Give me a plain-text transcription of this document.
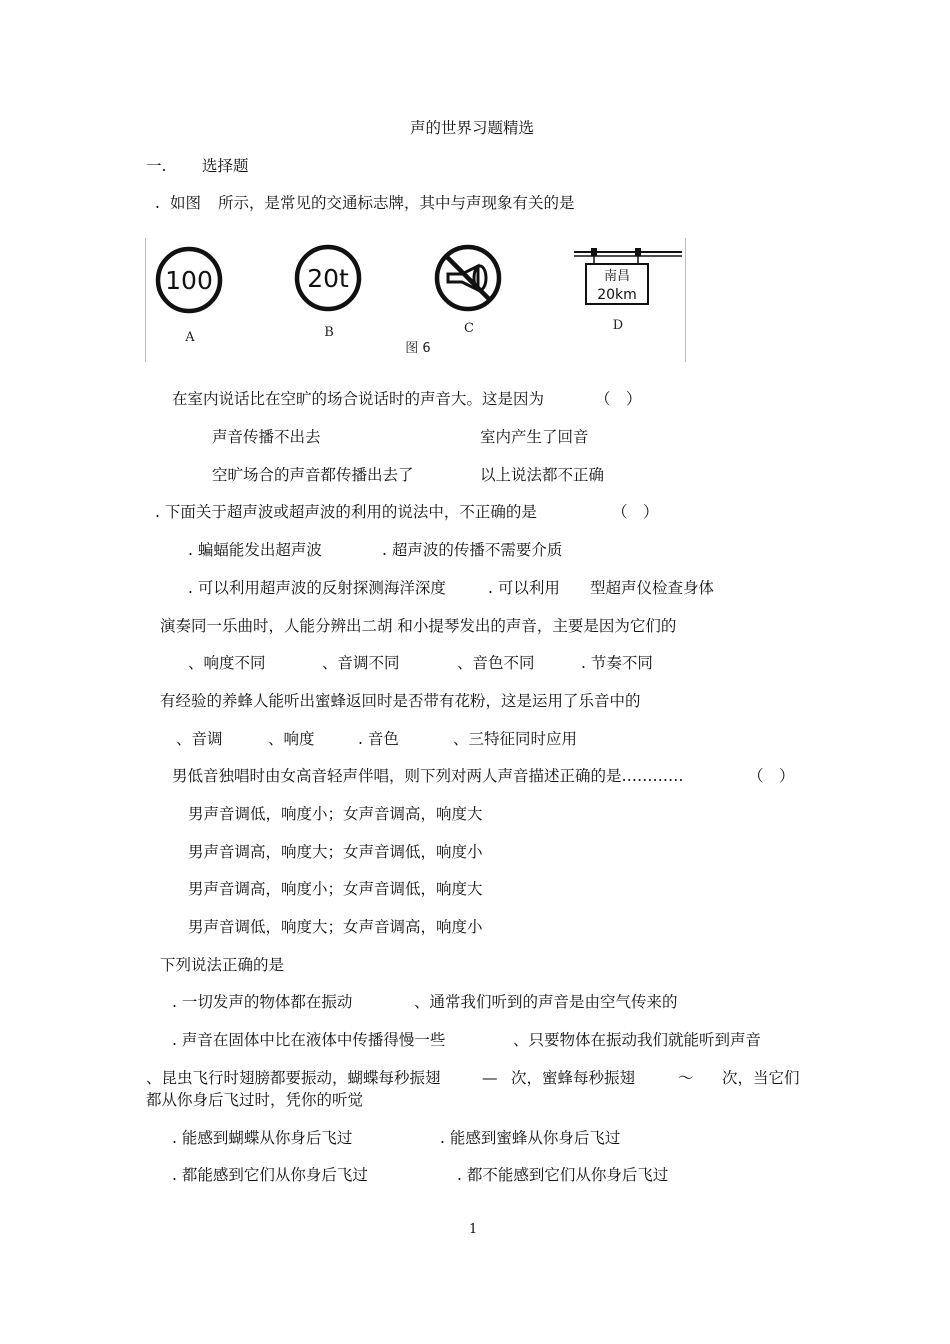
声的世界习题精选
一. 选择题
. 如图 所示，是常见的交通标志牌，其中与声现象有关的是
100	20t	南昌
20km
A	B	C	D
图 6
在室内说话比在空旷的场合说话时的声音大。这是因为	（　）
声音传播不出去	室内产生了回音
空旷场合的声音都传播出去了	以上说法都不正确
. 下面关于超声波或超声波的利用的说法中，不正确的是	（　）
. 蝙蝠能发出超声波	. 超声波的传播不需要介质
. 可以利用超声波的反射探测海洋深度	. 可以利用 型超声仪检查身体
演奏同一乐曲时，人能分辨出二胡 和小提琴发出的声音，主要是因为它们的
、响度不同	、音调不同	、音色不同	. 节奏不同
有经验的养蜂人能听出蜜蜂返回时是否带有花粉，这是运用了乐音中的
、音调	、响度	. 音色	、三特征同时应用
男低音独唱时由女高音轻声伴唱，则下列对两人声音描述正确的是…………	（　）
男声音调低，响度小；女声音调高，响度大
男声音调高，响度大；女声音调低，响度小
男声音调高，响度小；女声音调低，响度大
男声音调低，响度大；女声音调高，响度小
下列说法正确的是
. 一切发声的物体都在振动	、通常我们听到的声音是由空气传来的
. 声音在固体中比在液体中传播得慢一些	、只要物体在振动我们就能听到声音
、昆虫飞行时翅膀都要振动，蝴蝶每秒振翅	— 次，蜜蜂每秒振翅	～ 次，当它们
都从你身后飞过时，凭你的听觉
. 能感到蝴蝶从你身后飞过	. 能感到蜜蜂从你身后飞过
. 都能感到它们从你身后飞过	. 都不能感到它们从你身后飞过
1
